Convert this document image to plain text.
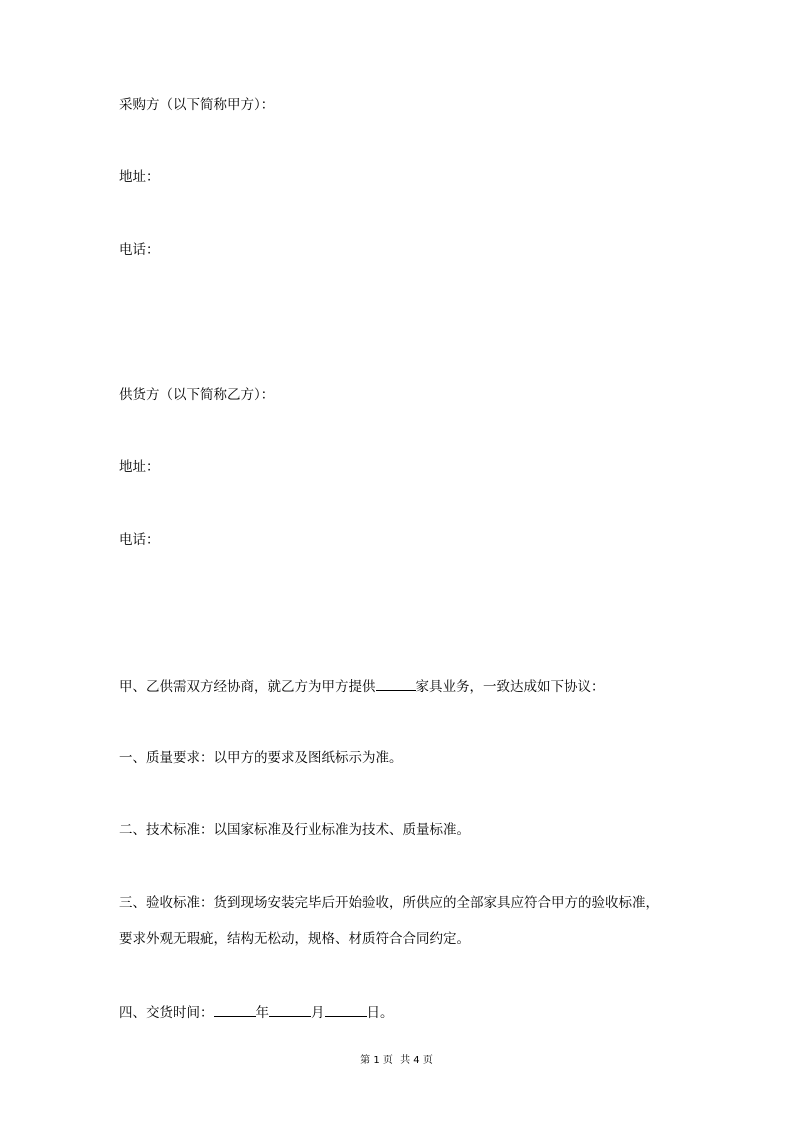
采购方（以下简称甲方）：
地址：
电话：
供货方（以下简称乙方）：
地址：
电话：
甲、乙供需双方经协商，就乙方为甲方提供	家具业务，一致达成如下协议：
一、质量要求：以甲方的要求及图纸标示为准。
二、技术标准：以国家标准及行业标准为技术、质量标准。
三、验收标准：货到现场安装完毕后开始验收，所供应的全部家具应符合甲方的验收标准，
要求外观无瑕疵，结构无松动，规格、材质符合合同约定。
四、交货时间：	年	月	日。
第 1 页 共 4 页
